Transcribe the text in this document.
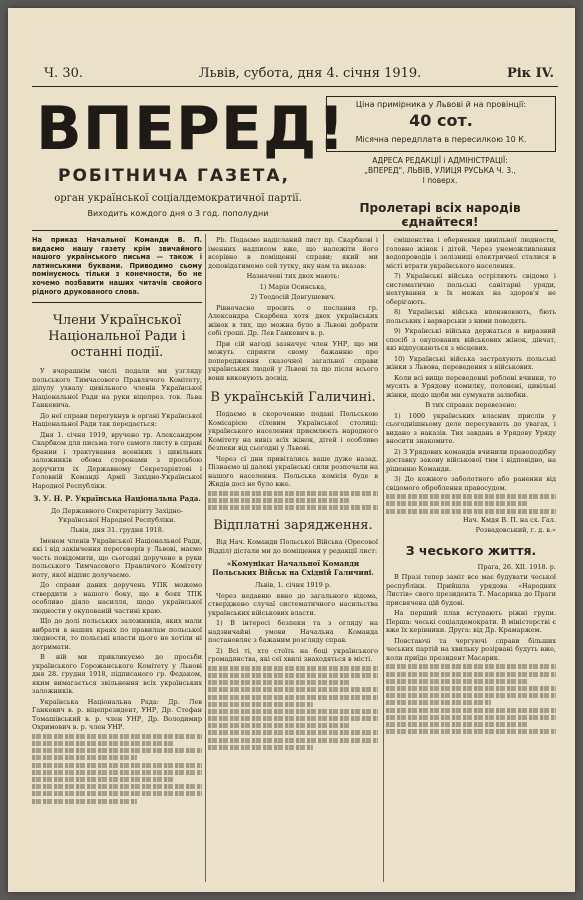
Ч. 30.	Львів, субота, дня 4. січня 1919.	Рік IV.
ВПЕРЕД!
РОБІТНИЧА ГАЗЕТА,
орган української соціалдемократичної партії.
Виходить кождого дня о 3 год. пополудни
Ціна примірника у Львові й на провінції:
40 сот.
Місячна передплата в пересилкою 10 К.
АДРЕСА РЕДАКЦІЇ і АДМІНІСТРАЦІЇ:
„ВПЕРЕД", ЛЬВІВ, УЛИЦЯ РУСЬКА Ч. 3.,
І поверх.
Пролетарі всіх народів єднайтеся!
На приказ Начальної Команди В. П. видаємо нашу газету крім звичайного нашого українського письма — також і латинськими буквами. Приводимо сьому помінуємось тільки з конечности, бо не хочемо позбавити наших читачів свойого рідного друкованого слова.
Члени Української Національної Ради і останні події.

У вчорашнім числі подали ми узгляду польського Тимчасового Правлячого Комітету, діпулу ухвалу цивільного членів Української Національної Ради на руки віцепрез. тов. Льва Ганкевича.

До неї справи перегукнув в органі Української Національної Ради так передається:

Дня 1. січня 1919, вручено тр. Александром Скарбком для письма того самого листу в справі бранни і трактування всеніких і цивільних заложників обома сторонами з просьбою доручити іх Державному Секретаріятові і Головній Команді Армії Західно-Української Народної Республіки.

З. У. Н. Р. Українська Національна Рада.
До Державного Секретаріяту Західно-Української Народної Республіки.
Львів, дня 31. грудня 1918.

Іменем членів Української Національної Ради, які і від закінчення переговорів у Львові, маємо честь повідомити, що сьогодні доручено в руки польського Тимчасового Правлячого Комітету ноту, якої відпис долучаємо.

До справи даних доручень УПК можемо ствердити з нашого боку, що в боях ТПК особливо діяло насилля, щодо української людности у окупованій частині краю.

Що до долі польських заложників, яких мали вибрати в наших краях по правилам польської людности, то польські власти цього не хотіли ні дотримати.

В ній ми прикликуємо до просьби українського Горожанського Комітету у Львові дня 28. грудня 1918, підписаного гр. Федаком, яким вимагається звільнення всіх українських заложників.

Українська Національна Рада: Др. Лев Ганкевич в. р. віцепрезидент, УНР, Др. Стефан Томашівський в. р. член УНР, Др. Володимир Охримович в. р. член УНР.

Рb. Подаємо надісланий лист пр. Скарбкові і іменних надписом вже, що належіти його всерівно в поміщенні справи; який ми доповідатимемо сей тутку, яку нам та вказав:

Назначені тих двох мають:
1) Марія Осинська,
2) Теодосій Довгушевич.

Рівночасно просить о послання гр. Александра Скарбека хотя двох українських жінок в тих, що можна було в Львові добрати собі гроші. Др. Лев Ганкевич в. р.

При сій нагоді зазначує член УНР, що ми можуть сприяти свому бажанню про попередження сказочної загальної справи українських людей у Львові та що після всього вони виконують досвід.

В українській Галичині.

Подаємо в скороченню подані Польською Комісарією сїлевим Української столиці: українського населення приємлюєть народного Комітету на вивіз всїх жінок, дітей і особливо безпеки від сьогодні у Львові.

Через сї дни привітались ваше дуже назад. Пізнаємо ці далекі українські сили розпочали на нашого населення. Польська комісія буде в Жидів досі не було вже.

Відплатні зарядження.

Від Нач. Команди Польської Війська (Оресової Відділ) дістали ми до поміщення у редакції лист:

«Комунікат Начальної Команди Польських Військ на Східній Галичині.
Львів, 1. січня 1919 р.

Через недавню явно до загального відома, стверджено случаї систематичного насильства українських військових власти.

1) В інтересі безпеки та з огляду на надзвичайні умови Начальна Команда постановляє з бажаним розгляду справ.

2) Всі ті, хто стоїть на боці українського громадянства, які сеї хвилі знаходяться в місті.

смішенства і обернення цивільної людности, головно жінок і дітей. Через унеможливлення водопроводів і зелізниці електричної сталися в місті втрати українського населення.

7) Українські війська остріляють свідомо і систематично польські санітарні уряди, нехтування в їх межах на здоров'я не оберігають.

8) Українські війська вповзвоюють, бють польських і варварськи з ними поводять.

9) Українські війська держаться в виразний спосіб з окупованих військових жінок, дівчат, які відпускаються з місцевих.

10) Українські війська застрахують польські жінки з Львова, переведення з військових.

Коли всі вище переведенні роблені вчинки, то мусять в Урядову помилку, полонені, цивільні жінки, щодо щоби ми сумувати залюбки.

В тих справах перевезено:

1) 1000 українських власних прислів у сьогоднішньому деле пересувають до увагах, і видано з наказів. Тих завдань в Урядову Уряду вносити знакомите.

2) З Урядових командів вчинили правоподібну доставку закону військової тим і відповідно, на рішенню Команди.

3) До кожного заболотного або ранення від свідомого оброблення правосудом.

Нач. Кмдя В. П. на сх. Гал.
Розвадовський, г. д. в.»
З чеського життя.
Прага, 26. XII. 1918. р.

В Празі тепер заміт все має будувати чеської республіки. Прийшла урядова «Народних Листів» свого президента Т. Масарика до Праги присвячена цій будові.

На перший плав вступають ріжні групи. Перша: чеські соціалдемократи. В міністерстві є вже їх керівники. Друга: від Др. Крамаржем.

Повстаючі та чергуючі справи більших чеських партій на хвильку розірвані будуть вже, коли приїде президент Масарик.
